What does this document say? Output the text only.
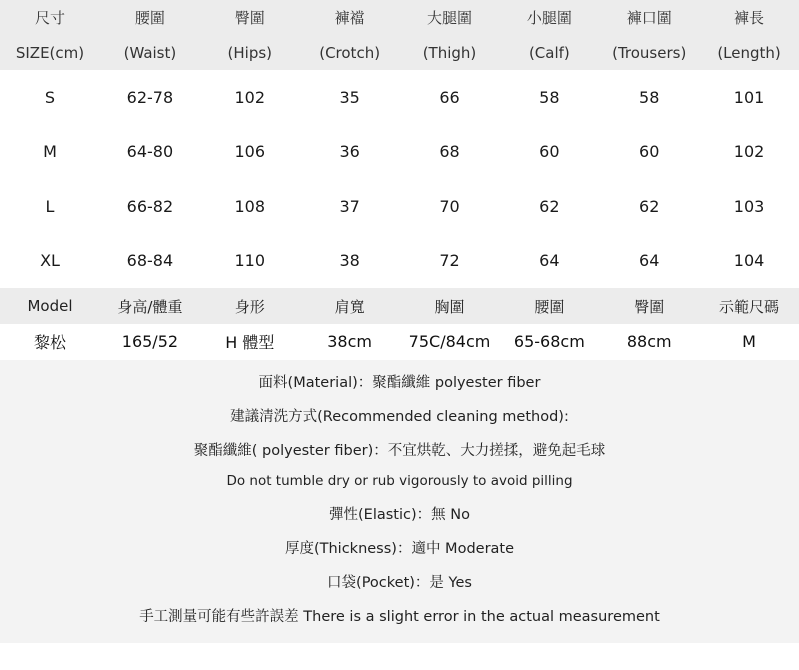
尺寸	腰圍	臀圍	褲襠	大腿圍	小腿圍	褲口圍	褲長
SIZE(cm)	(Waist)	(Hips)	(Crotch)	(Thigh)	(Calf)	(Trousers)	(Length)
S	62-78	102	35	66	58	58	101
M	64-80	106	36	68	60	60	102
L	66-82	108	37	70	62	62	103
XL	68-84	110	38	72	64	64	104
Model	身高/體重	身形	肩寬	胸圍	腰圍	臀圍	示範尺碼
黎松	165/52	H 體型	38cm	75C/84cm	65-68cm	88cm	M
面料(Material)：聚酯纖維 polyester fiber
建議清洗方式(Recommended cleaning method):
聚酯纖維( polyester fiber)：不宜烘乾、大力搓揉，避免起毛球
Do not tumble dry or rub vigorously to avoid pilling
彈性(Elastic)：無 No
厚度(Thickness)：適中 Moderate
口袋(Pocket)：是 Yes
手工測量可能有些許誤差 There is a slight error in the actual measurement
